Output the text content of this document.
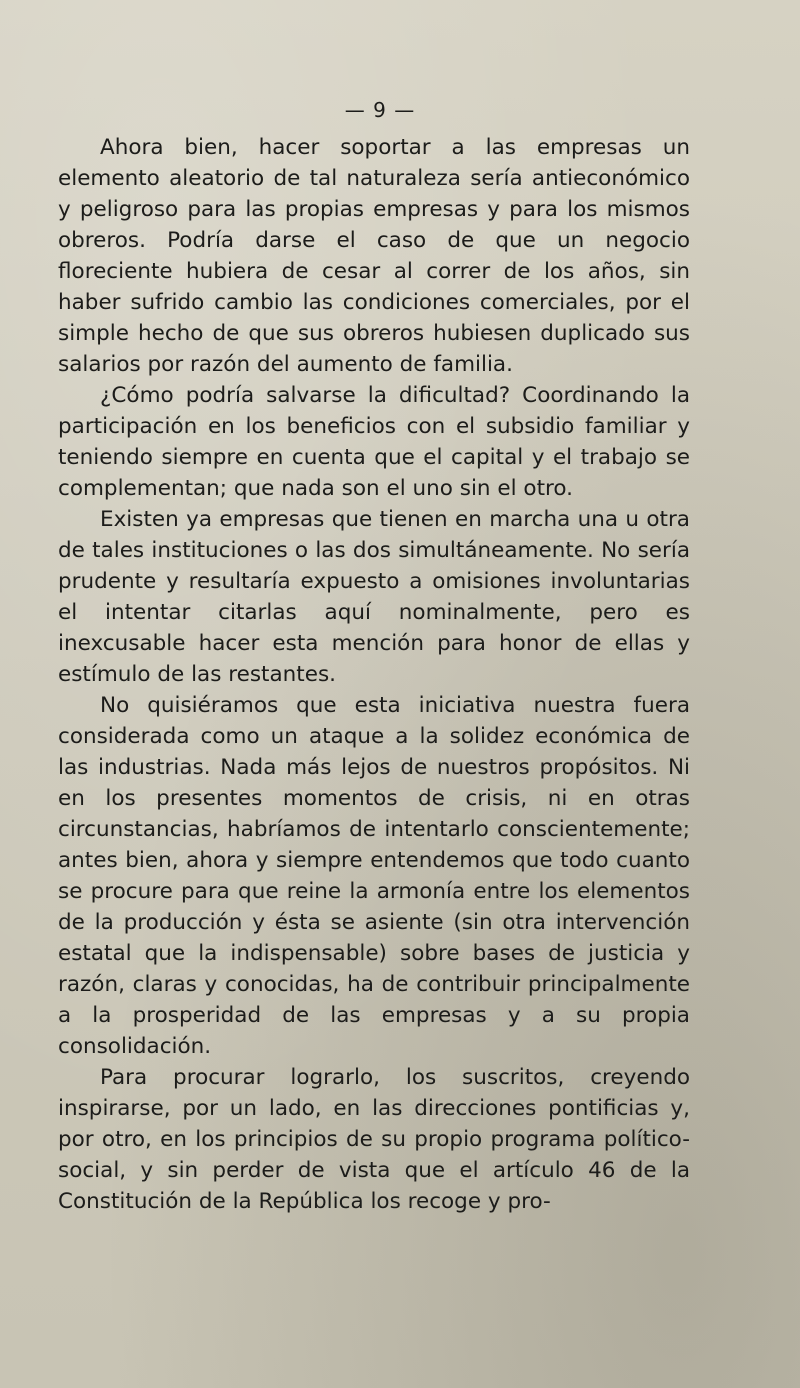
— 9 —

Ahora bien, hacer soportar a las empresas un elemento aleatorio de tal naturaleza sería antieconómico y peligroso para las propias empresas y para los mismos obreros. Podría darse el caso de que un negocio floreciente hubiera de cesar al correr de los años, sin haber sufrido cambio las condiciones comerciales, por el simple hecho de que sus obreros hubiesen duplicado sus salarios por razón del aumento de familia.

¿Cómo podría salvarse la dificultad? Coordinando la participación en los beneficios con el subsidio familiar y teniendo siempre en cuenta que el capital y el trabajo se complementan; que nada son el uno sin el otro.

Existen ya empresas que tienen en marcha una u otra de tales instituciones o las dos simultáneamente. No sería prudente y resultaría expuesto a omisiones involuntarias el intentar citarlas aquí nominalmente, pero es inexcusable hacer esta mención para honor de ellas y estímulo de las restantes.

No quisiéramos que esta iniciativa nuestra fuera considerada como un ataque a la solidez económica de las industrias. Nada más lejos de nuestros propósitos. Ni en los presentes momentos de crisis, ni en otras circunstancias, habríamos de intentarlo conscientemente; antes bien, ahora y siempre entendemos que todo cuanto se procure para que reine la armonía entre los elementos de la producción y ésta se asiente (sin otra intervención estatal que la indispensable) sobre bases de justicia y razón, claras y conocidas, ha de contribuir principalmente a la prosperidad de las empresas y a su propia consolidación.

Para procurar lograrlo, los suscritos, creyendo inspirarse, por un lado, en las direcciones pontificias y, por otro, en los principios de su propio programa político-social, y sin perder de vista que el artículo 46 de la Constitución de la República los recoge y pro-
